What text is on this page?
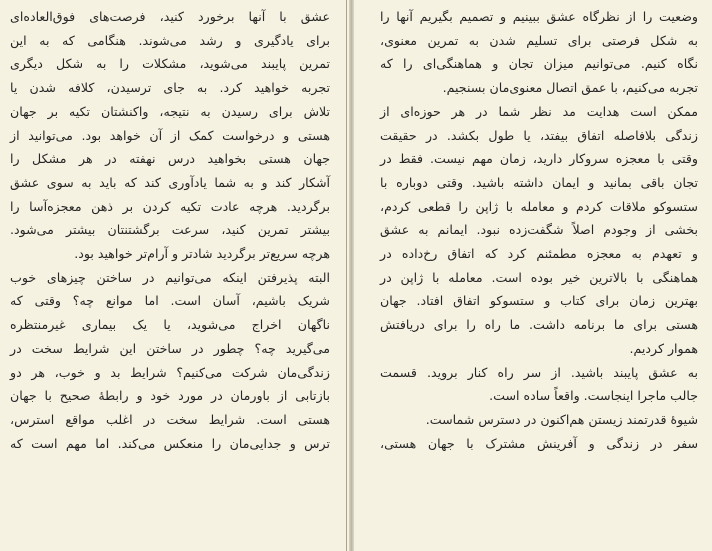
عشق با آنها برخورد کنید، فرصت‌های فوق‌العاده‌ای
برای یادگیری و رشد می‌شوند. هنگامی که به این
تمرین پایبند می‌شوید، مشکلات را به شکل دیگری
تجربه خواهید کرد. به جای ترسیدن، کلافه شدن یا
تلاش برای رسیدن به نتیجه، واکنشتان تکیه بر جهان
هستی و درخواست کمک از آن خواهد بود. می‌توانید از
جهان هستی بخواهید درس نهفته در هر مشکل را
آشکار کند و به شما یادآوری کند که باید به سوی عشق
برگردید. هرچه عادت تکیه کردن بر ذهن معجزه‌آسا را
بیشتر تمرین کنید، سرعت برگشتنتان بیشتر می‌شود.
هرچه سریع‌تر برگردید شادتر و آرام‌تر خواهید بود.
البته پذیرفتن اینکه می‌توانیم در ساختن چیزهای خوب
شریک باشیم، آسان است. اما موانع چه؟ وقتی که
ناگهان اخراج می‌شوید، یا یک بیماری غیرمنتظره
می‌گیرید چه؟ چطور در ساختن این شرایط سخت در
زندگی‌مان شرکت می‌کنیم؟ شرایط بد و خوب، هر دو
بازتابی از باورمان در مورد خود و رابطهٔ صحیح با جهان
هستی است. شرایط سخت در اغلب مواقع استرس،
ترس و جدایی‌مان را منعکس می‌کند. اما مهم است که
وضعیت را از نظرگاه عشق ببینیم و تصمیم بگیریم آنها را
به شکل فرصتی برای تسلیم شدن به تمرین معنوی،
نگاه کنیم. می‌توانیم میزان تجان و هماهنگی‌ای را که
تجربه می‌کنیم، با عمق اتصال معنوی‌مان بسنجیم.
ممکن است هدایت مد نظر شما در هر حوزه‌ای از
زندگی بلافاصله اتفاق بیفتد، یا طول بکشد. در حقیقت
وقتی با معجزه سروکار دارید، زمان مهم نیست. فقط در
تجان باقی بمانید و ایمان داشته باشید. وقتی دوباره با
ستسوکو ملاقات کردم و معامله با ژاپن را قطعی کردم،
بخشی از وجودم اصلاً شگفت‌زده نبود. ایمانم به عشق
و تعهدم به معجزه مطمئنم کرد که اتفاق رخ‌داده در
هماهنگی با بالاترین خیر بوده است. معامله با ژاپن در
بهترین زمان برای کتاب و ستسوکو اتفاق افتاد. جهان
هستی برای ما برنامه داشت. ما راه را برای دریافتش
هموار کردیم.
به عشق پایبند باشید. از سر راه کنار بروید. قسمت
جالب ماجرا اینجاست. واقعاً ساده است.
شیوهٔ قدرتمند زیستن هم‌اکنون در دسترس شماست.
سفر در زندگی و آفرینش مشترک با جهان هستی،
